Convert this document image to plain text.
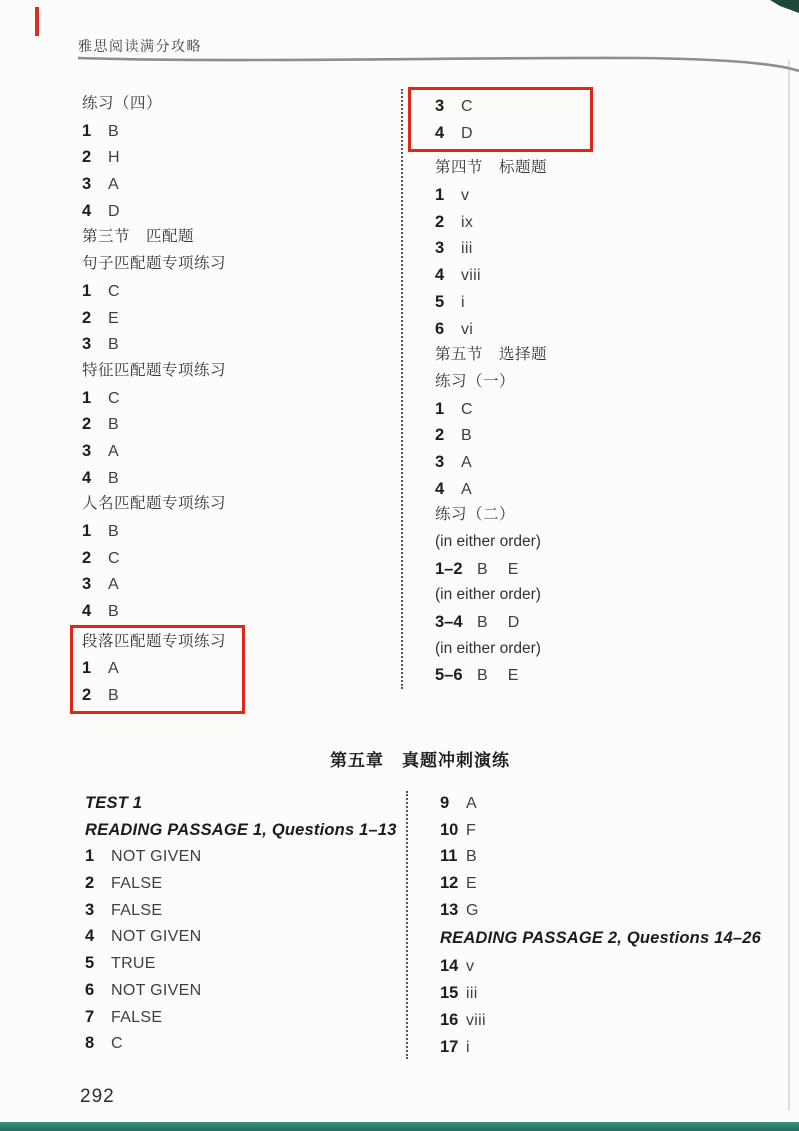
雅思阅读满分攻略
练习（四）
1 B
2 H
3 A
4 D
第三节　匹配题
句子匹配题专项练习
1 C
2 E
3 B
特征匹配题专项练习
1 C
2 B
3 A
4 B
人名匹配题专项练习
1 B
2 C
3 A
4 B
段落匹配题专项练习
1 A
2 B
3 C
4 D
第四节　标题题
1 v
2 ix
3 iii
4 viii
5 i
6 vi
第五节　选择题
练习（一）
1 C
2 B
3 A
4 A
练习（二）
(in either order)
1–2 B E
(in either order)
3–4 B D
(in either order)
5–6 B E
第五章　真题冲刺演练
TEST 1
READING PASSAGE 1, Questions 1–13
1 NOT GIVEN
2 FALSE
3 FALSE
4 NOT GIVEN
5 TRUE
6 NOT GIVEN
7 FALSE
8 C
9 A
10 F
11 B
12 E
13 G
READING PASSAGE 2, Questions 14–26
14 v
15 iii
16 viii
17 i
292
